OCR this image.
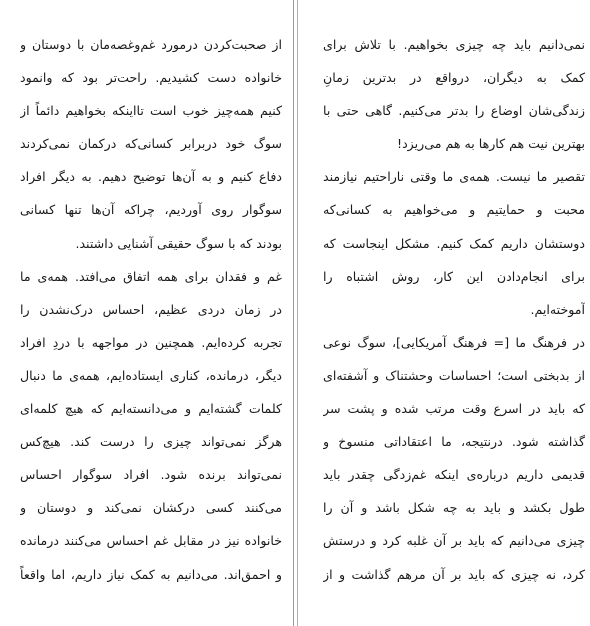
از صحبت‌کردن درمورد غم‌وغصه‌مان با دوستان و
خانواده دست کشیدیم. راحت‌تر بود که وانمود
کنیم همه‌چیز خوب است تااینکه بخواهیم دائماً از
سوگ خود دربرابر کسانی‌که درکمان نمی‌کردند
دفاع کنیم و به آن‌ها توضیح دهیم. به دیگر افراد
سوگوار روی آوردیم، چراکه آن‌ها تنها کسانی
بودند که با سوگ حقیقی آشنایی داشتند.
غم و فقدان برای همه اتفاق می‌افتد. همه‌ی ما
در زمان دردی عظیم، احساس درک‌نشدن را
تجربه کرده‌ایم. همچنین در مواجهه با دردِ افراد
دیگر، درمانده، کناری ایستاده‌ایم، همه‌ی ما دنبال
کلمات گشته‌ایم و می‌دانسته‌ایم که هیچ کلمه‌ای
هرگز نمی‌تواند چیزی را درست کند. هیچ‌کس
نمی‌تواند برنده شود. افراد سوگوار احساس
می‌کنند کسی درکشان نمی‌کند و دوستان و
خانواده نیز در مقابل غم احساس می‌کنند درمانده
و احمق‌اند. می‌دانیم به کمک نیاز داریم، اما واقعاً
نمی‌دانیم باید چه چیزی بخواهیم. با تلاش برای
کمک به دیگران، درواقع در بدترین زمانِ
زندگی‌شان اوضاع را بدتر می‌کنیم. گاهی حتی با
بهترین نیت هم کارها به هم می‌ریزد!
تقصیر ما نیست. همه‌ی ما وقتی ناراحتیم نیازمند
محبت و حمایتیم و می‌خواهیم به کسانی‌که
دوستشان داریم کمک کنیم. مشکل اینجاست که
برای انجام‌دادن این کار، روش اشتباه را
آموخته‌ایم.
در فرهنگ ما [= فرهنگ آمریکایی]، سوگ نوعی
از بدبختی است؛ احساسات وحشتناک و آشفته‌ای
که باید در اسرع وقت مرتب شده و پشت سر
گذاشته شود. درنتیجه، ما اعتقاداتی منسوخ و
قدیمی داریم درباره‌ی اینکه غم‌زدگی چقدر باید
طول بکشد و باید به چه شکل باشد و آن را
چیزی می‌دانیم که باید بر آن غلبه کرد و درستش
کرد، نه چیزی که باید بر آن مرهم گذاشت و از
